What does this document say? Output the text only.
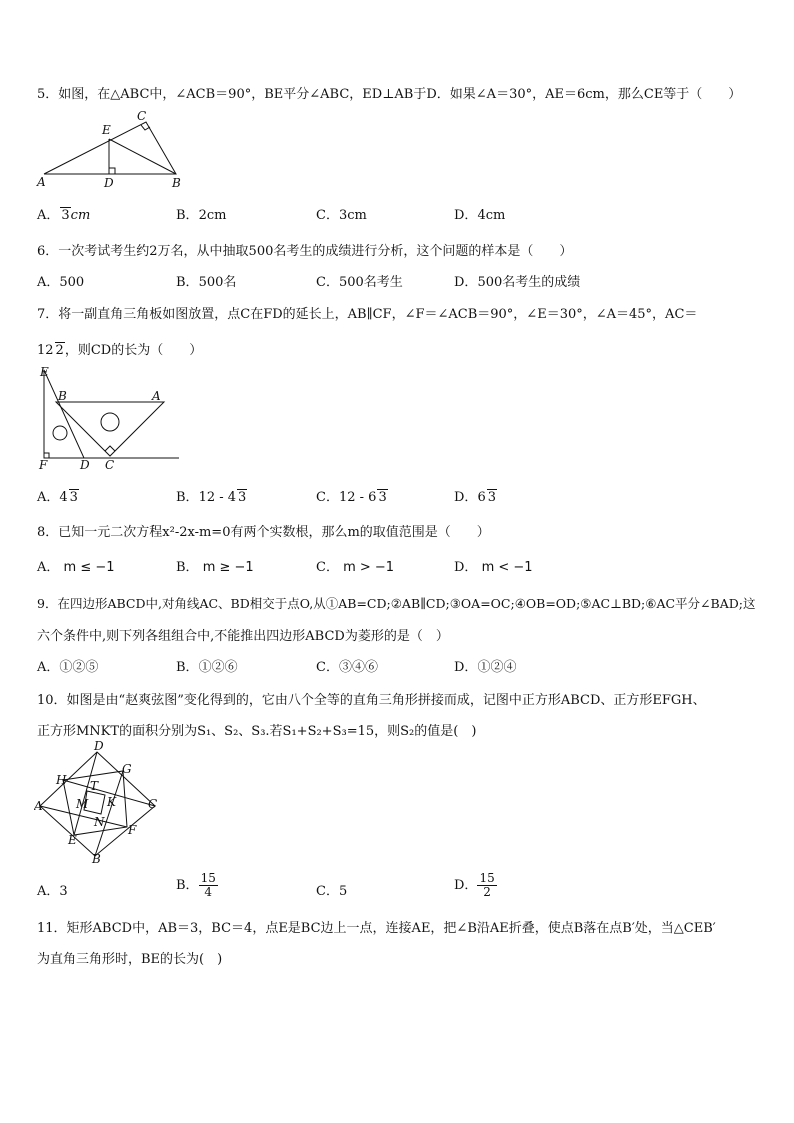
5．如图，在△ABC中，∠ACB＝90°，BE平分∠ABC，ED⊥AB于D．如果∠A＝30°，AE＝6cm，那么CE等于（　　）
C
E
A	D	B
A． 3cm	B．2cm	C．3cm	D．4cm
6．一次考试考生约2万名，从中抽取500名考生的成绩进行分析，这个问题的样本是（　　）
A．500	B．500名	C．500名考生	D．500名考生的成绩
7．将一副直角三角板如图放置，点C在FD的延长上，AB∥CF，∠F＝∠ACB＝90°，∠E＝30°，∠A＝45°，AC＝
12 2，则CD的长为（　　）
E
B	A
F	D C
A．4 3	B．12 - 4 3	C．12 - 6 3	D．6 3
8．已知一元二次方程x²-2x-m=0有两个实数根，那么m的取值范围是（　　）
A． m ≤ −1	B． m ≥ −1	C． m > −1	D． m < −1
9．在四边形ABCD中,对角线AC、BD相交于点O,从①AB=CD;②AB∥CD;③OA=OC;④OB=OD;⑤AC⊥BD;⑥AC平分∠BAD;这
六个条件中,则下列各组组合中,不能推出四边形ABCD为菱形的是（　）
A．①②⑤	B．①②⑥	C．③④⑥	D．①②④
10．如图是由“赵爽弦图”变化得到的，它由八个全等的直角三角形拼接而成，记图中正方形ABCD、正方形EFGH、
正方形MNKT的面积分别为S₁、S₂、S₃.若S₁+S₂+S₃=15，则S₂的值是(　)
D
H
G
T
A	M K	C
N
F
E
B
A．3	B． $\frac{15}{4}$	C．5	D． $\frac{15}{2}$
11．矩形ABCD中，AB＝3，BC＝4，点E是BC边上一点，连接AE，把∠B沿AE折叠，使点B落在点B′处，当△CEB′
为直角三角形时，BE的长为(　)
